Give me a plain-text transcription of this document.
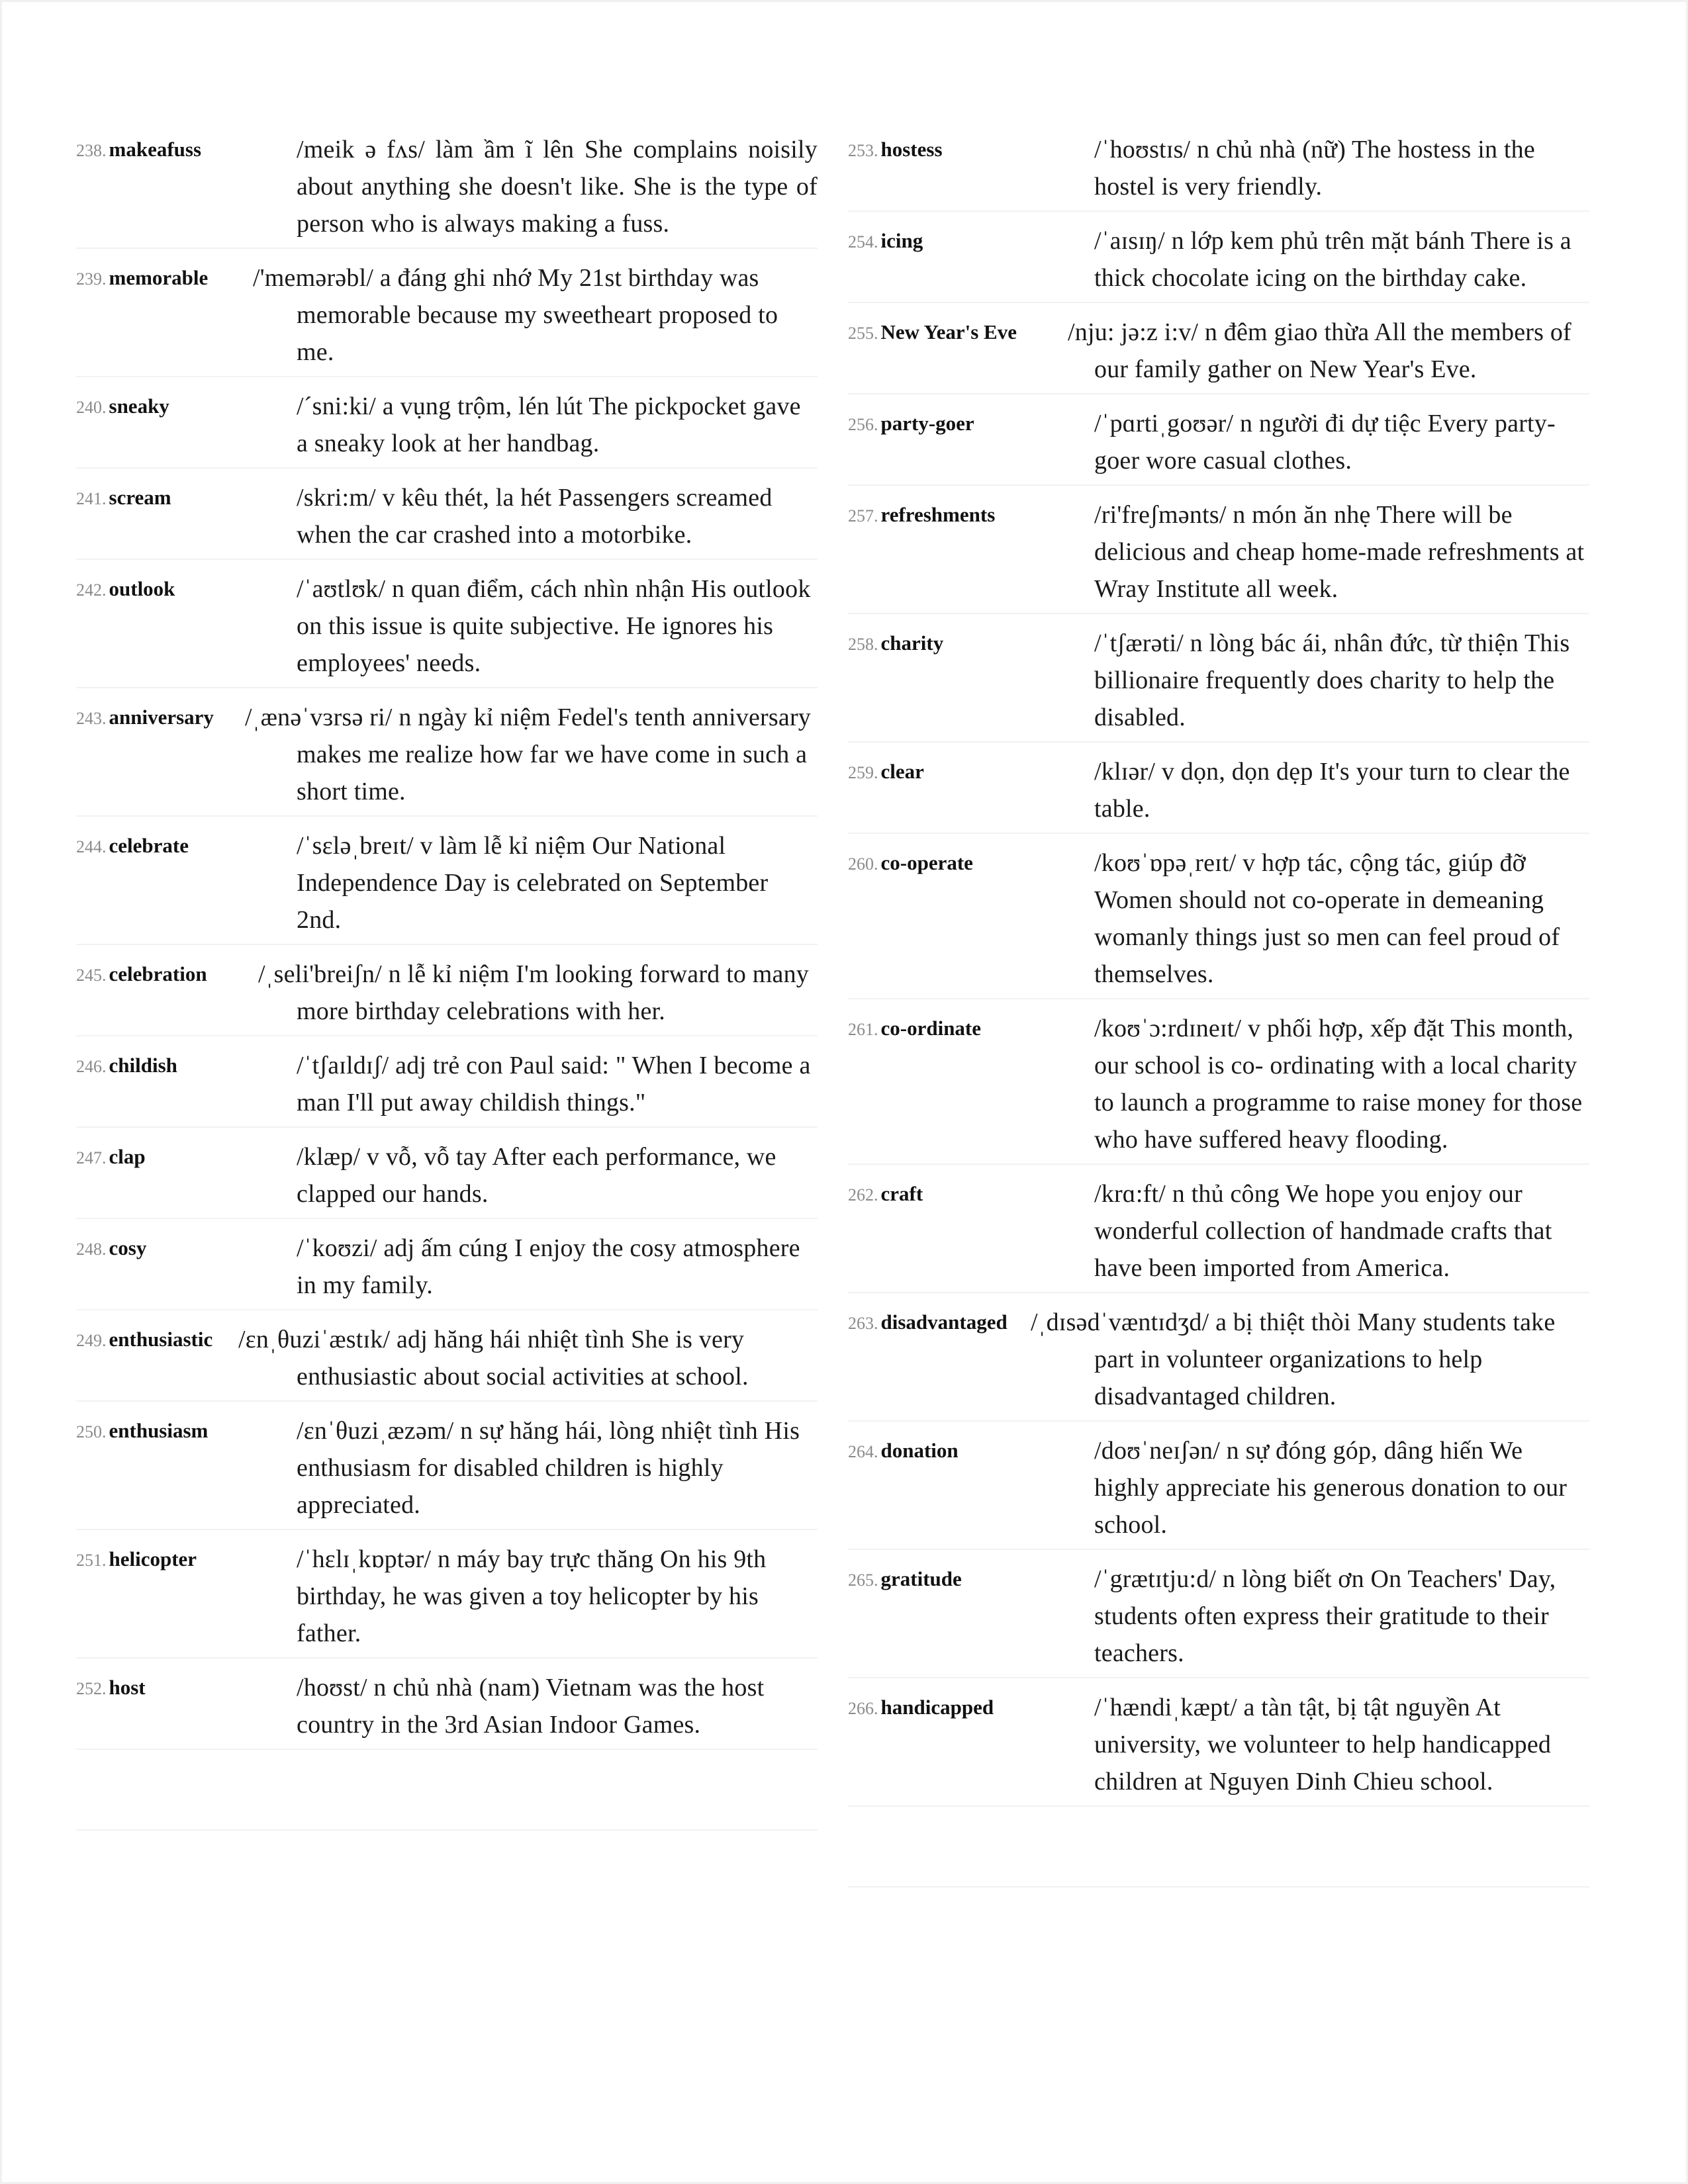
238. makeafuss	/meik ə fʌs/ làm ầm ĩ lên She complains noisily about anything she doesn't like. She is the type of person who is always making a fuss.
239. memorable /'memərəbl/ a đáng ghi nhớ My 21st birthday was memorable because my sweetheart proposed to me.
240. sneaky	/ˊsni:ki/ a vụng trộm, lén lút The pickpocket gave a sneaky look at her handbag.
241. scream	/skri:m/ v kêu thét, la hét Passengers screamed when the car crashed into a motorbike.
242. outlook	/ˈaʊtlʊk/ n quan điểm, cách nhìn nhận His outlook on this issue is quite subjective. He ignores his employees' needs.
243. anniversary /ˌænəˈvɜrsə ri/ n ngày kỉ niệm Fedel's tenth anniversary makes me realize how far we have come in such a short time.
244. celebrate	/ˈsɛləˌbreɪt/ v làm lễ kỉ niệm Our National Independence Day is celebrated on September 2nd.
245. celebration /ˌseli'breiʃn/ n lễ kỉ niệm I'm looking forward to many more birthday celebrations with her.
246. childish	/ˈtʃaɪldɪʃ/ adj trẻ con Paul said: " When I become a man I'll put away childish things."
247. clap	/klæp/ v vỗ, vỗ tay After each performance, we clapped our hands.
248. cosy	/ˈkoʊzi/ adj ấm cúng I enjoy the cosy atmosphere in my family.
249. enthusiastic /ɛnˌθuziˈæstɪk/ adj hăng hái nhiệt tình She is very enthusiastic about social activities at school.
250. enthusiasm	/ɛnˈθuziˌæzəm/ n sự hăng hái, lòng nhiệt tình His enthusiasm for disabled children is highly appreciated.
251. helicopter	/ˈhɛlɪˌkɒptər/ n máy bay trực thăng On his 9th birthday, he was given a toy helicopter by his father.
252. host	/hoʊst/ n chủ nhà (nam) Vietnam was the host country in the 3rd Asian Indoor Games.
253. hostess	/ˈhoʊstɪs/ n chủ nhà (nữ) The hostess in the hostel is very friendly.
254. icing	/ˈaɪsɪŋ/ n lớp kem phủ trên mặt bánh There is a thick chocolate icing on the birthday cake.
255. New Year's Eve /nju: jə:z i:v/ n đêm giao thừa All the members of our family gather on New Year's Eve.
256. party-goer	/ˈpɑrtiˌgoʊər/ n người đi dự tiệc Every party-goer wore casual clothes.
257. refreshments	/ri'freʃmənts/ n món ăn nhẹ There will be delicious and cheap home-made refreshments at Wray Institute all week.
258. charity	/ˈtʃærəti/ n lòng bác ái, nhân đức, từ thiện This billionaire frequently does charity to help the disabled.
259. clear	/klɪər/ v dọn, dọn dẹp It's your turn to clear the table.
260. co-operate	/koʊˈɒpəˌreɪt/ v hợp tác, cộng tác, giúp đỡ Women should not co-operate in demeaning womanly things just so men can feel proud of themselves.
261. co-ordinate	/koʊˈɔ:rdɪneɪt/ v phối hợp, xếp đặt This month, our school is co- ordinating with a local charity to launch a programme to raise money for those who have suffered heavy flooding.
262. craft	/krɑ:ft/ n thủ công We hope you enjoy our wonderful collection of handmade crafts that have been imported from America.
263. disadvantaged /ˌdɪsədˈvæntɪdʒd/ a bị thiệt thòi Many students take part in volunteer organizations to help disadvantaged children.
264. donation	/doʊˈneɪʃən/ n sự đóng góp, dâng hiến We highly appreciate his generous donation to our school.
265. gratitude	/ˈgrætɪtju:d/ n lòng biết ơn On Teachers' Day, students often express their gratitude to their teachers.
266. handicapped	/ˈhændiˌkæpt/ a tàn tật, bị tật nguyền At university, we volunteer to help handicapped children at Nguyen Dinh Chieu school.
